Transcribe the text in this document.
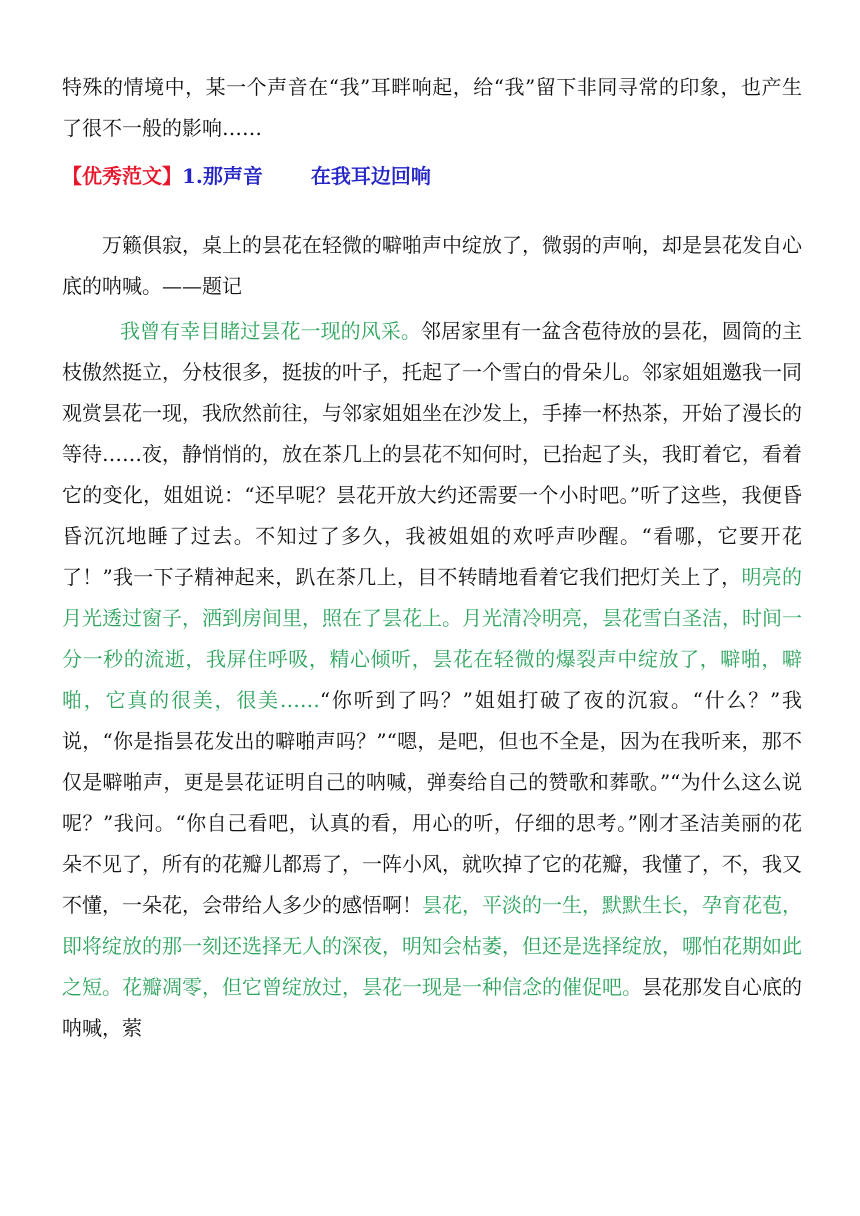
特殊的情境中，某一个声音在“我”耳畔响起，给“我”留下非同寻常的印象，也产生了很不一般的影响……

【优秀范文】1.那声音 在我耳边回响

万籁俱寂，桌上的昙花在轻微的噼啪声中绽放了，微弱的声响，却是昙花发自心底的呐喊。——题记

我曾有幸目睹过昙花一现的风采。邻居家里有一盆含苞待放的昙花，圆筒的主枝傲然挺立，分枝很多，挺拔的叶子，托起了一个雪白的骨朵儿。邻家姐姐邀我一同观赏昙花一现，我欣然前往，与邻家姐姐坐在沙发上，手捧一杯热茶，开始了漫长的等待……夜，静悄悄的，放在茶几上的昙花不知何时，已抬起了头，我盯着它，看着它的变化，姐姐说：“还早呢？昙花开放大约还需要一个小时吧。”听了这些，我便昏昏沉沉地睡了过去。不知过了多久，我被姐姐的欢呼声吵醒。“看哪，它要开花了！”我一下子精神起来，趴在茶几上，目不转睛地看着它我们把灯关上了，明亮的月光透过窗子，洒到房间里，照在了昙花上。月光清冷明亮，昙花雪白圣洁，时间一分一秒的流逝，我屏住呼吸，精心倾听，昙花在轻微的爆裂声中绽放了，噼啪，噼啪，它真的很美，很美……“你听到了吗？”姐姐打破了夜的沉寂。“什么？”我说，“你是指昙花发出的噼啪声吗？”“嗯，是吧，但也不全是，因为在我听来，那不仅是噼啪声，更是昙花证明自己的呐喊，弹奏给自己的赞歌和葬歌。”“为什么这么说呢？”我问。“你自己看吧，认真的看，用心的听，仔细的思考。”刚才圣洁美丽的花朵不见了，所有的花瓣儿都焉了，一阵小风，就吹掉了它的花瓣，我懂了，不，我又不懂，一朵花，会带给人多少的感悟啊！昙花，平淡的一生，默默生长，孕育花苞，即将绽放的那一刻还选择无人的深夜，明知会枯萎，但还是选择绽放，哪怕花期如此之短。花瓣凋零，但它曾绽放过，昙花一现是一种信念的催促吧。昙花那发自心底的呐喊，萦
